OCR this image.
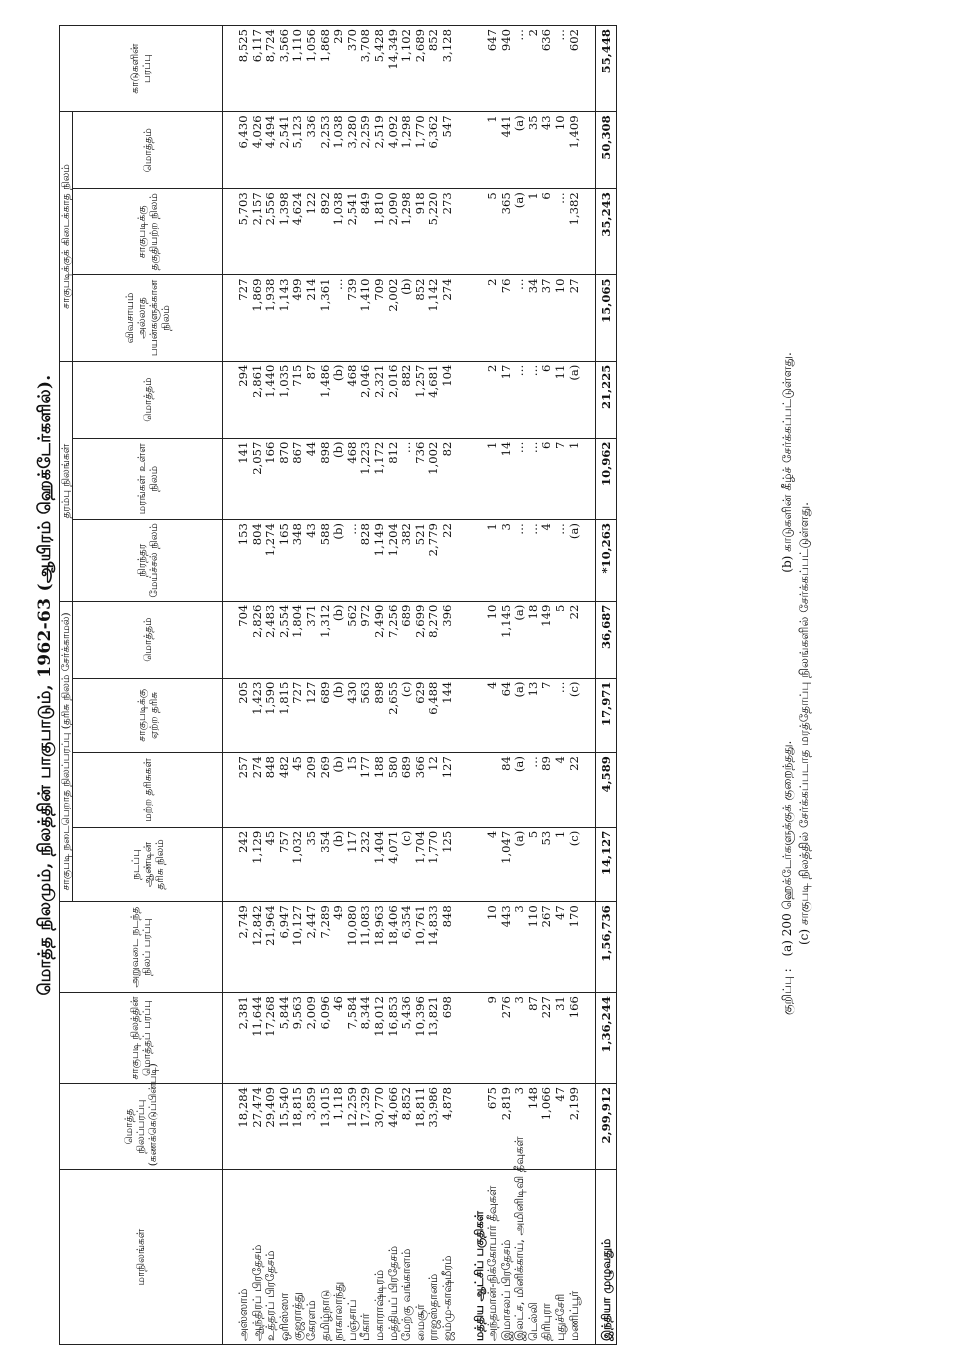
மொத்த நிலமும், நிலத்தின் பாகுபாடும், 1962-63 (ஆயிரம் ஹெக்டேர்களில்).
மாநிலங்கள்	மொத்த நிலப்பரப்பு (கணக்கெடுப்பின்படி)	சாகுபடி நிலத்தின் மொத்தப் பரப்பு	அறுவடை நடந்த நிலப் பரப்பு	சாகுபடி நடைபெறாத நிலப்பரப்பு (தரிசு நிலம் சேர்க்காமல்)				தரம்பு நிலங்கள்			சாகுபடிக்குக் கிடைக்காத நிலம்			காடுகளின் பரப்பு
				நடப்பு ஆண்டின் தரிசு நிலம்	மற்ற தரிசுகள்	சாகுபடிக்கு ஏற்ற தரிசு	மொத்தம்	நிரந்தர மேய்ச்சல் நிலம்	மரங்கள் உள்ள நிலம்	மொத்தம்	விவசாயம் அல்லாத பயன்களுக்கான நிலம்	சாகுபடிக்கு தகுதியற்ற நிலம்	மொத்தம்	

அஸ்ஸாம்	18,284	2,381	2,749	242	257	205	704	153	141	294	727	5,703	6,430	8,525
ஆந்திரப் பிரதேசம்	27,474	11,644	12,842	1,129	274	1,423	2,826	804	2,057	2,861	1,869	2,157	4,026	6,117
உத்தரப் பிரதேசம்	29,409	17,268	21,964	45	848	1,590	2,483	1,274	166	1,440	1,938	2,556	4,494	8,724
ஒரிஸ்ஸா	15,540	5,844	6,947	757	482	1,815	2,554	165	870	1,035	1,143	1,398	2,541	3,566
குஜராத்து	18,815	9,563	10,127	1,032	45	727	1,804	348	867	715	499	4,624	5,123	1,110
கேரளம்	3,859	2,009	2,447	35	209	127	371	43	44	87	214	122	336	1,056
தமிழ்நாடு	13,015	6,096	7,289	354	269	689	1,312	588	898	1,486	1,361	892	2,253	1,868
நாகாலாந்து	1,118	46	49	(b)	(b)	(b)	(b)	(b)	(b)	(b)	…	1,038	1,038	29
பஞ்சாப்	12,259	7,584	10,080	117	15	430	562	…	468	468	739	2,541	3,280	370
பீகார்	17,329	8,344	11,083	232	177	563	972	828	1,223	2,046	1,410	849	2,259	3,708
மகாராஷ்டிரம்	30,770	18,012	18,963	1,404	188	898	2,490	1,149	1,172	2,321	709	1,810	2,519	5,428
மத்தியப் பிரதேசம்	44,066	16,853	18,406	4,071	580	2,655	7,256	1,204	812	2,016	2,002	2,090	4,092	14,349
மேற்கு வங்காளம்	8,852	5,436	6,354	(c)	689	(c)	689	382	…	882	(b)	1,298	1,298	1,102
மைசூர்	18,811	10,396	10,761	1,704	366	629	2,699	521	736	1,257	852	918	1,770	2,689
ராஜஸ்தானம்	33,986	13,821	14,833	1,770	12	6,488	8,270	2,779	1,002	4,681	1,142	5,220	6,362	852
ஜம்மு-காஷ்மீரம்	4,878	698	848	125	127	144	396	22	82	104	274	273	547	3,128

மத்திய ஆட்சிப் பகுதிகள்														
அந்தமான்-நிக்கோபார் தீவுகள்	675	9	10	4		4	10	1	1	2	2	5	1	647
இமாசலப் பிரதேசம்	2,819	276	443	1,047	84	64	1,145	3	14	17	76	365	441	940
இலட்ச, மினிக்காய், அமினிடிவி தீவுகள்	3	3	3	(a)	(a)	(a)	(a)	…	…	…	…	(a)	(a)	…
டெல்லி	148	87	110	5	…	13	18	…	…	…	34	1	35	2
திரிபுரா	1,066	227	267	53	89	7	149	4	6	6	37	6	43	636
புதுச்சேரி	47	31	47	1	4	…	5	…	7	11	10	…	10	…
மணிப்பூர்	2,199	166	170	(c)	22	(c)	22	(a)	1	(a)	27	1,382	1,409	602

இந்தியா முழுவதும்	2,99,912	1,36,244	1,56,736	14,127	4,589	17,971	36,687	*10,263	10,962	21,225	15,065	35,243	50,308	55,448
குறிப்பு : (a) 200 ஹெக்டேர்களுக்குக் குறைந்தது. (b) காடுகளின் கீழ்ச் சேர்க்கப்பட்டுள்ளது.
(c) சாகுபடி நிலத்தில் சேர்க்கப்படாத மரத்தோப்பு நிலங்களில் சேர்க்கப்பட்டுள்ளது.
